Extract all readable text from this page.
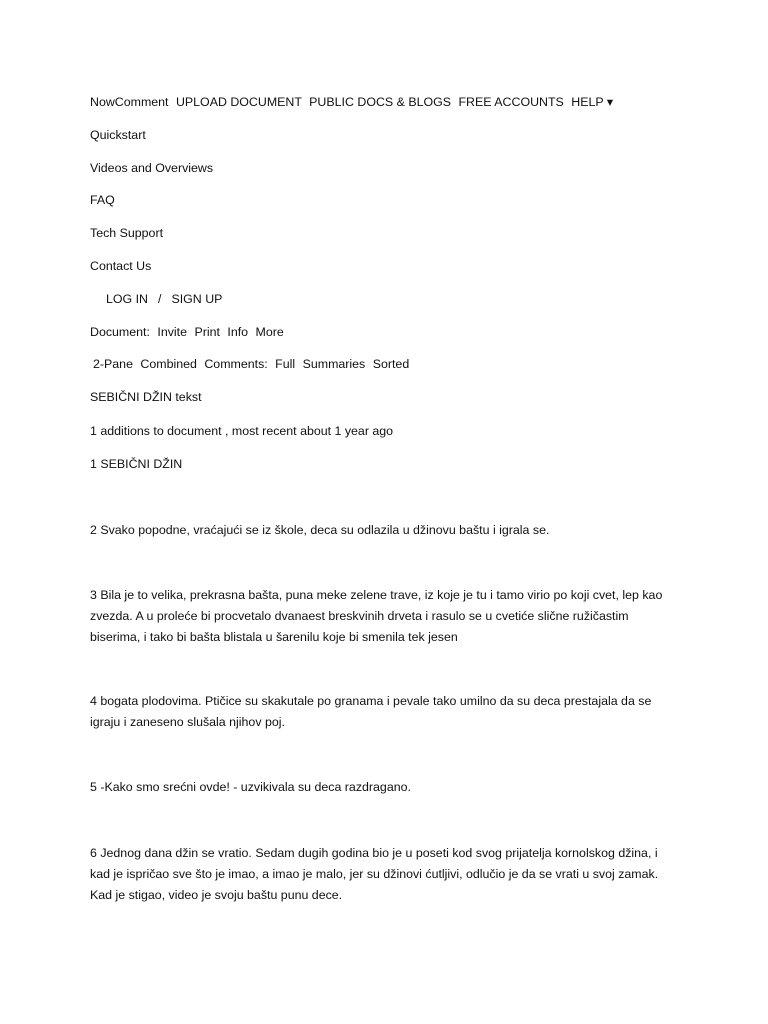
NowComment UPLOAD DOCUMENT PUBLIC DOCS & BLOGS FREE ACCOUNTS HELP ▾
Quickstart
Videos and Overviews
FAQ
Tech Support
Contact Us
LOG IN / SIGN UP
Document: Invite Print Info More
2-Pane Combined Comments: Full Summaries Sorted
SEBIČNI DŽIN tekst
1 additions to document , most recent about 1 year ago
1 SEBIČNI DŽIN
2 Svako popodne, vraćajući se iz škole, deca su odlazila u džinovu baštu i igrala se.
3 Bila je to velika, prekrasna bašta, puna meke zelene trave, iz koje je tu i tamo virio po koji cvet, lep kao zvezda. A u proleće bi procvetalo dvanaest breskvinih drveta i rasulo se u cvetiće slične ružičastim biserima, i tako bi bašta blistala u šarenilu koje bi smenila tek jesen
4 bogata plodovima. Ptičice su skakutale po granama i pevale tako umilno da su deca prestajala da se igraju i zaneseno slušala njihov poj.
5 -Kako smo srećni ovde! - uzvikivala su deca razdragano.
6 Jednog dana džin se vratio. Sedam dugih godina bio je u poseti kod svog prijatelja kornolskog džina, i kad je ispričao sve što je imao, a imao je malo, jer su džinovi ćutljivi, odlučio je da se vrati u svoj zamak. Kad je stigao, video je svoju baštu punu dece.
